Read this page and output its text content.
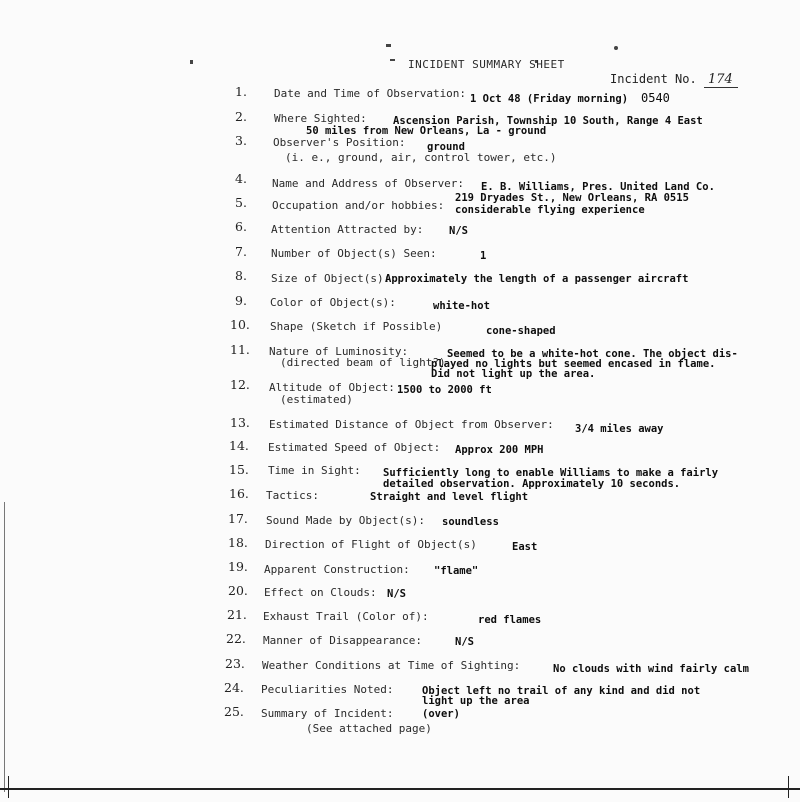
INCIDENT SUMMARY SHEET
Incident No. 174
1. Date and Time of Observation: 1 Oct 48 (Friday morning) 0540
2. Where Sighted:	Ascension Parish, Township 10 South, Range 4 East
50 miles from New Orleans, La - ground
3. Observer's Position: ground
(i. e., ground, air, control tower, etc.)
4. Name and Address of Observer: E. B. Williams, Pres. United Land Co.
219 Dryades St., New Orleans, RA 0515
5. Occupation and/or hobbies: considerable flying experience
6. Attention Attracted by: N/S
7. Number of Object(s) Seen:	1
8. Size of Object(s):
Approximately the length of a passenger aircraft
9. Color of Object(s):	white-hot
10. Shape (Sketch if Possible)	cone-shaped
11. Nature of Luminosity:
(directed beam of light?)
Seemed to be a white-hot cone. The object dis-
played no lights but seemed encased in flame.
Did not light up the area.
12. Altitude of Object:
(estimated)
1500 to 2000 ft
13. Estimated Distance of Object from Observer: 3/4 miles away
14. Estimated Speed of Object: Approx 200 MPH
15. Time in Sight: Sufficiently long to enable Williams to make a fairly
detailed observation. Approximately 10 seconds.
16. Tactics:	Straight and level flight
17. Sound Made by Object(s): soundless
18. Direction of Flight of Object(s)	East
19. Apparent Construction: "flame"
20. Effect on Clouds: N/S
21. Exhaust Trail (Color of):	red flames
22. Manner of Disappearance:	N/S
23. Weather Conditions at Time of Sighting:	No clouds with wind fairly calm
24. Peculiarities Noted:	Object left no trail of any kind and did not
light up the area
25. Summary of Incident:	(over)
(See attached page)
